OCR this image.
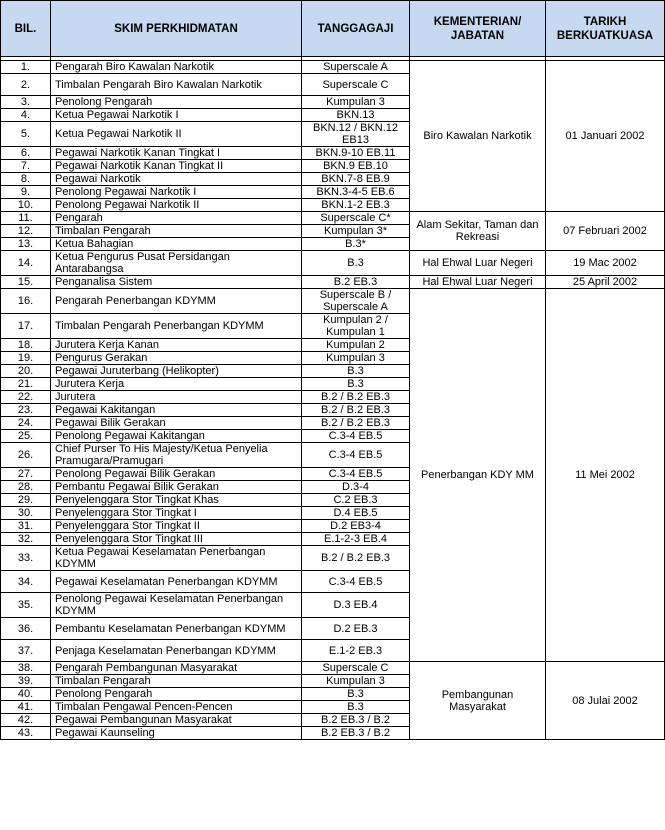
BIL.	SKIM PERKHIDMATAN	TANGGAGAJI	KEMENTERIAN/ JABATAN	TARIKH BERKUATKUASA

1.	Pengarah Biro Kawalan Narkotik	Superscale A	Biro Kawalan Narkotik	01 Januari 2002
2.	Timbalan Pengarah Biro Kawalan Narkotik	Superscale C		
3.	Penolong Pengarah	Kumpulan 3		
4.	Ketua Pegawai Narkotik I	BKN.13		
5.	Ketua Pegawai Narkotik II	BKN.12 / BKN.12 EB13		
6.	Pegawai Narkotik Kanan Tingkat I	BKN.9-10 EB.11		
7.	Pegawai Narkotik Kanan Tingkat II	BKN.9 EB.10		
8.	Pegawai Narkotik	BKN.7-8 EB.9		
9.	Penolong Pegawai Narkotik I	BKN.3-4-5 EB.6		
10.	Penolong Pegawai Narkotik II	BKN.1-2 EB.3		
11.	Pengarah	Superscale C*	Alam Sekitar, Taman dan Rekreasi	07 Februari 2002
12.	Timbalan Pengarah	Kumpulan 3*		
13.	Ketua Bahagian	B.3*		
14.	Ketua Pengurus Pusat Persidangan Antarabangsa	B.3	Hal Ehwal Luar Negeri	19 Mac 2002
15.	Penganalisa Sistem	B.2 EB.3	Hal Ehwal Luar Negeri	25 April 2002
16.	Pengarah Penerbangan KDYMM	Superscale B / Superscale A	Penerbangan KDY MM	11 Mei 2002
17.	Timbalan Pengarah Penerbangan KDYMM	Kumpulan 2 / Kumpulan 1		
18.	Jurutera Kerja Kanan	Kumpulan 2		
19.	Pengurus Gerakan	Kumpulan 3		
20.	Pegawai Juruterbang (Helikopter)	B.3		
21.	Jurutera Kerja	B.3		
22.	Jurutera	B.2 / B.2 EB.3		
23.	Pegawai Kakitangan	B.2 / B.2 EB.3		
24.	Pegawai Bilik Gerakan	B.2 / B.2 EB.3		
25.	Penolong Pegawai Kakitangan	C.3-4 EB.5		
26.	Chief Purser To His Majesty/Ketua Penyelia Pramugara/Pramugari	C.3-4 EB.5		
27.	Penolong Pegawai Bilik Gerakan	C.3-4 EB.5		
28.	Pembantu Pegawai Bilik Gerakan	D.3-4		
29.	Penyelenggara Stor Tingkat Khas	C.2 EB.3		
30.	Penyelenggara Stor Tingkat I	D.4 EB.5		
31.	Penyelenggara Stor Tingkat II	D.2 EB3-4		
32.	Penyelenggara Stor Tingkat III	E.1-2-3 EB.4		
33.	Ketua Pegawai Keselamatan Penerbangan KDYMM	B.2 / B.2 EB.3		
34.	Pegawai Keselamatan Penerbangan KDYMM	C.3-4 EB.5		
35.	Penolong Pegawai Keselamatan Penerbangan KDYMM	D.3 EB.4		
36.	Pembantu Keselamatan Penerbangan KDYMM	D.2 EB.3		
37.	Penjaga Keselamatan Penerbangan KDYMM	E.1-2 EB.3		
38.	Pengarah Pembangunan Masyarakat	Superscale C	Pembangunan Masyarakat	08 Julai 2002
39.	Timbalan Pengarah	Kumpulan 3		
40.	Penolong Pengarah	B.3		
41.	Timbalan Pengawal Pencen-Pencen	B.3		
42.	Pegawai Pembangunan Masyarakat	B.2 EB.3 / B.2		
43.	Pegawai Kaunseling	B.2 EB.3 / B.2		
